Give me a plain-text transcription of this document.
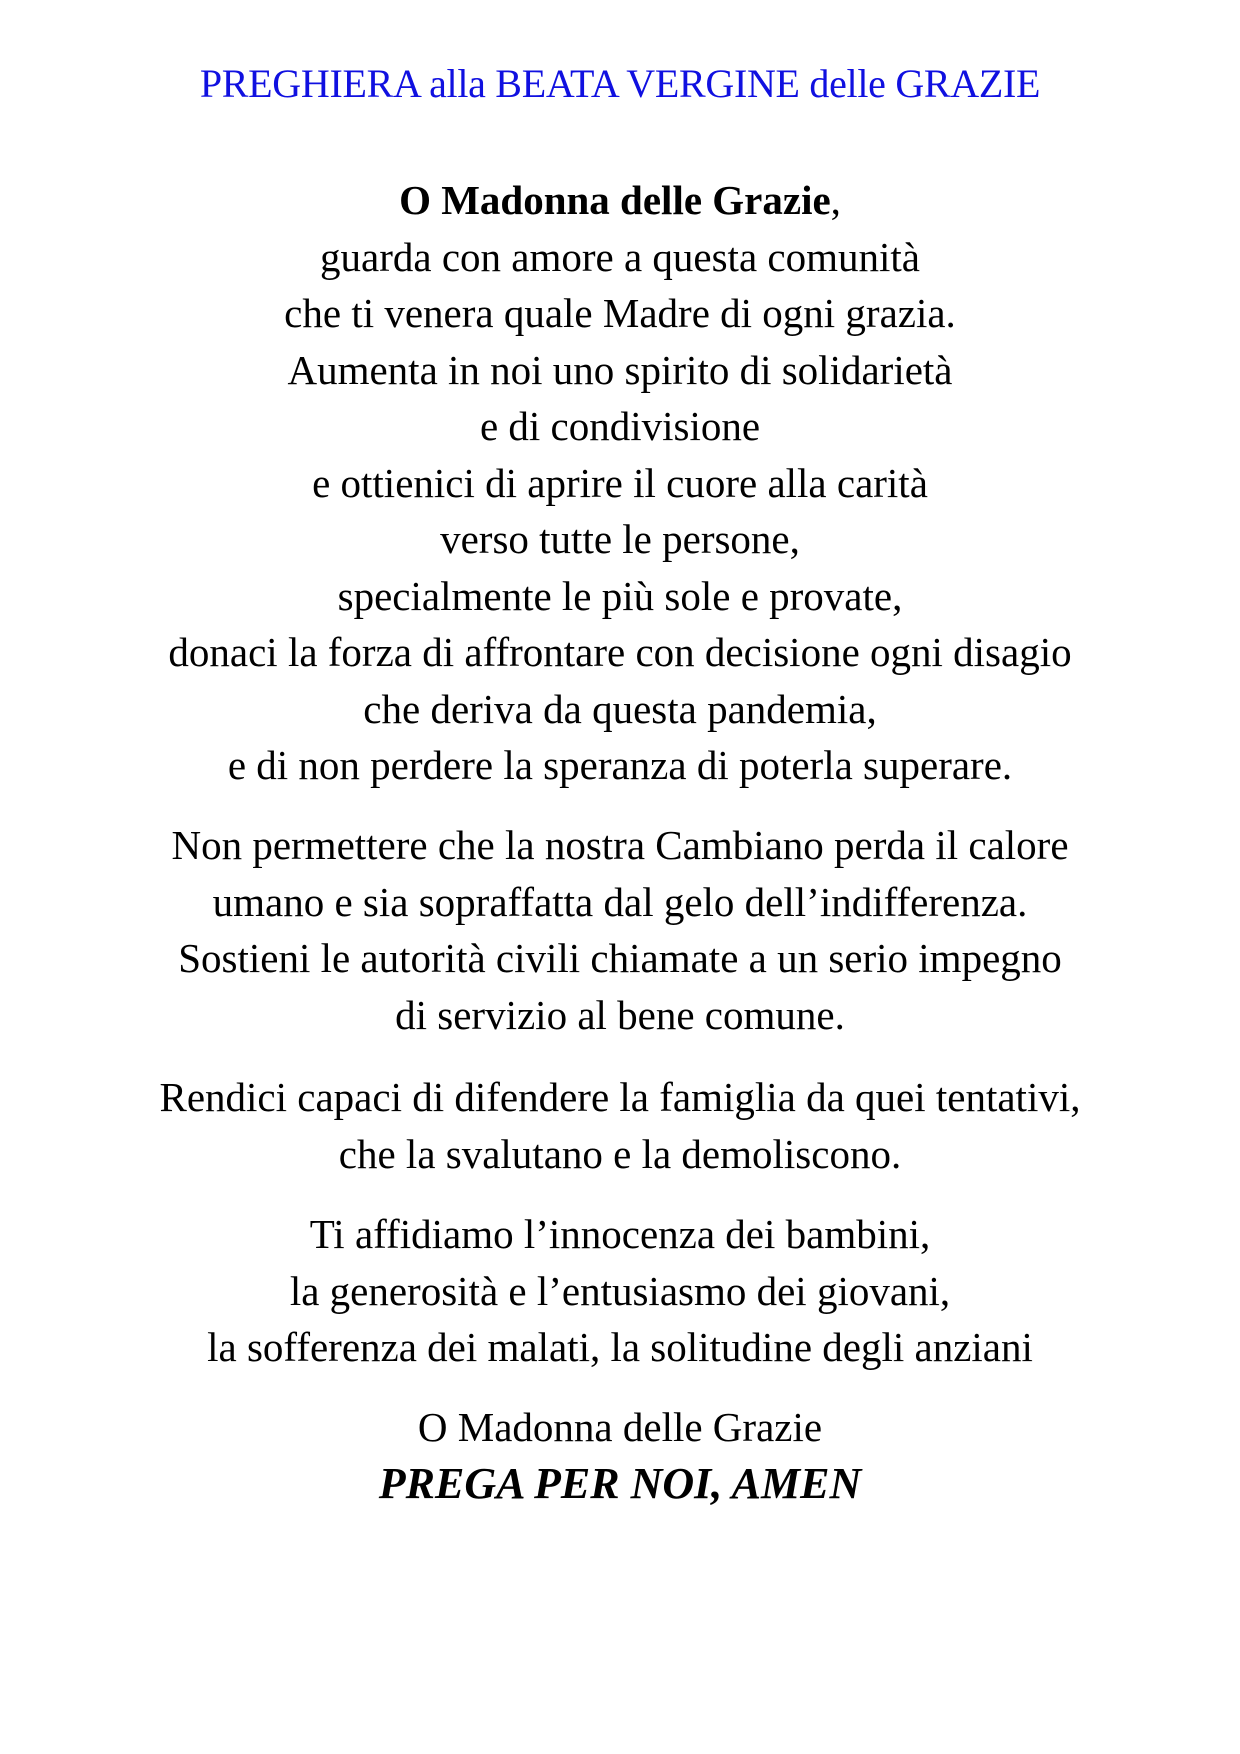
PREGHIERA alla BEATA VERGINE delle GRAZIE
O Madonna delle Grazie,
guarda con amore a questa comunità
che ti venera quale Madre di ogni grazia.
Aumenta in noi uno spirito di solidarietà
e di condivisione
e ottienici di aprire il cuore alla carità
verso tutte le persone,
specialmente le più sole e provate,
donaci la forza di affrontare con decisione ogni disagio
che deriva da questa pandemia,
e di non perdere la speranza di poterla superare.
Non permettere che la nostra Cambiano perda il calore
umano e sia sopraffatta dal gelo dell’indifferenza.
Sostieni le autorità civili chiamate a un serio impegno
di servizio al bene comune.
Rendici capaci di difendere la famiglia da quei tentativi,
che la svalutano e la demoliscono.
Ti affidiamo l’innocenza dei bambini,
la generosità e l’entusiasmo dei giovani,
la sofferenza dei malati, la solitudine degli anziani
O Madonna delle Grazie
PREGA PER NOI, AMEN
